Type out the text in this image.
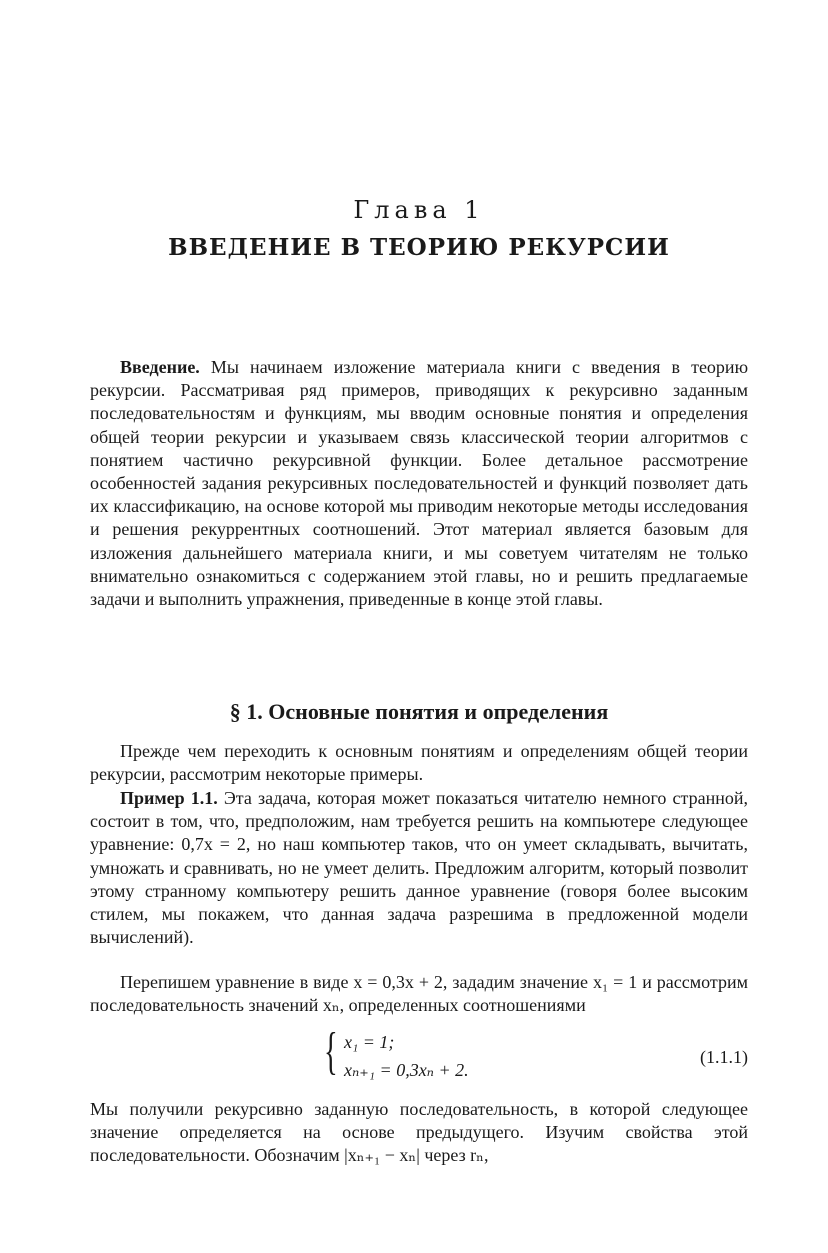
Глава 1
ВВЕДЕНИЕ В ТЕОРИЮ РЕКУРСИИ
Введение. Мы начинаем изложение материала книги с введения в теорию рекурсии. Рассматривая ряд примеров, приводящих к рекурсивно заданным последовательностям и функциям, мы вводим основные понятия и определения общей теории рекурсии и указываем связь классической теории алгоритмов с понятием частично рекурсивной функции. Более детальное рассмотрение особенностей задания рекурсивных последовательностей и функций позволяет дать их классификацию, на основе которой мы приводим некоторые методы исследования и решения рекуррентных соотношений. Этот материал является базовым для изложения дальнейшего материала книги, и мы советуем читателям не только внимательно ознакомиться с содержанием этой главы, но и решить предлагаемые задачи и выполнить упражнения, приведенные в конце этой главы.
§ 1. Основные понятия и определения
Прежде чем переходить к основным понятиям и определениям общей теории рекурсии, рассмотрим некоторые примеры.
Пример 1.1. Эта задача, которая может показаться читателю немного странной, состоит в том, что, предположим, нам требуется решить на компьютере следующее уравнение: 0,7x = 2, но наш компьютер таков, что он умеет складывать, вычитать, умножать и сравнивать, но не умеет делить. Предложим алгоритм, который позволит этому странному компьютеру решить данное уравнение (говоря более высоким стилем, мы покажем, что данная задача разрешима в предложенной модели вычислений).
Перепишем уравнение в виде x = 0,3x + 2, зададим значение x₁ = 1 и рассмотрим последовательность значений xₙ, определенных соотношениями
{ x₁ = 1;
xₙ₊₁ = 0,3xₙ + 2.
Мы получили рекурсивно заданную последовательность, в которой следующее значение определяется на основе предыдущего. Изучим свойства этой последовательности. Обозначим |xₙ₊₁ − xₙ| через rₙ,
(1.1.1)
